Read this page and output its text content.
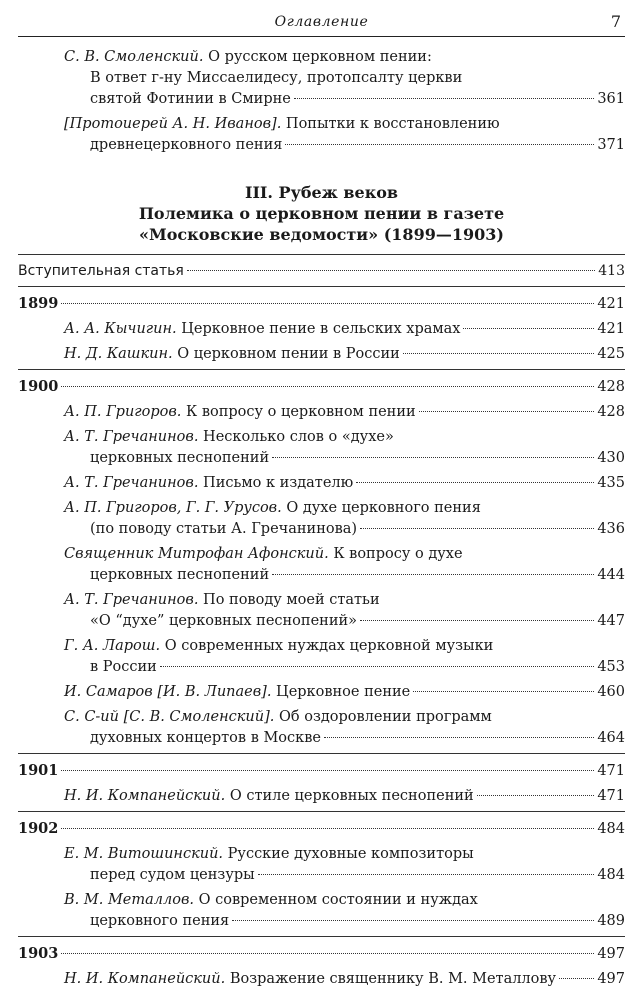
Оглавление	7
С. В. Смоленский. О русском церковном пении:
В ответ г-ну Миссаелидесу, протопсалту церкви
святой Фотинии в Смирне	361
[Протоиерей А. Н. Иванов]. Попытки к восстановлению
древнецерковного пения	371
III. Рубеж веков
Полемика о церковном пении в газете
«Московские ведомости» (1899—1903)
Вступительная статья	413
1899	421
А. А. Кычигин. Церковное пение в сельских храмах	421
Н. Д. Кашкин. О церковном пении в России	425
1900	428
А. П. Григоров. К вопросу о церковном пении	428
А. Т. Гречанинов. Несколько слов о «духе»
церковных песнопений	430
А. Т. Гречанинов. Письмо к издателю	435
А. П. Григоров, Г. Г. Урусов. О духе церковного пения
(по поводу статьи А. Гречанинова)	436
Священник Митрофан Афонский. К вопросу о духе
церковных песнопений	444
А. Т. Гречанинов. По поводу моей статьи
«О “духе” церковных песнопений»	447
Г. А. Ларош. О современных нуждах церковной музыки
в России	453
И. Самаров [И. В. Липаев]. Церковное пение	460
С. С-ий [С. В. Смоленский]. Об оздоровлении программ
духовных концертов в Москве	464
1901	471
Н. И. Компанейский. О стиле церковных песнопений	471
1902	484
Е. М. Витошинский. Русские духовные композиторы
перед судом цензуры	484
В. М. Металлов. О современном состоянии и нуждах
церковного пения	489
1903	497
Н. И. Компанейский. Возражение священнику В. М. Металлову	497
